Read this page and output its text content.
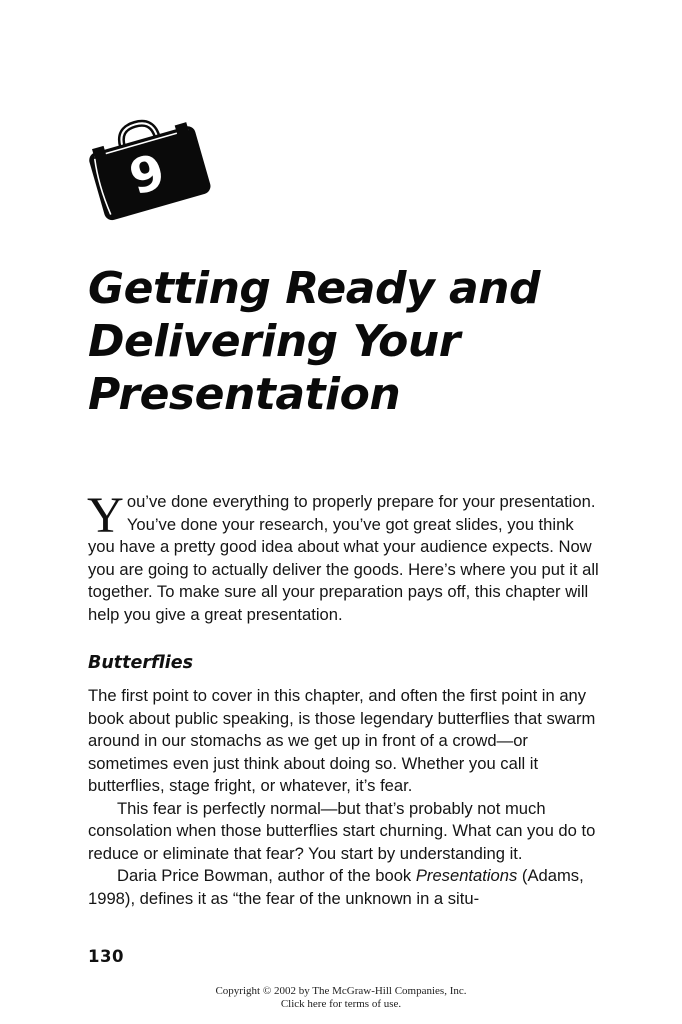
9
Getting Ready and
Delivering Your
Presentation
You’ve done everything to properly prepare for your presentation. You’ve done your research, you’ve got great slides, you think you have a pretty good idea about what your audience expects. Now you are going to actually deliver the goods. Here’s where you put it all together. To make sure all your preparation pays off, this chapter will help you give a great presentation.
Butterflies

The first point to cover in this chapter, and often the first point in any book about public speaking, is those legendary butterflies that swarm around in our stomachs as we get up in front of a crowd—or sometimes even just think about doing so. Whether you call it butterflies, stage fright, or whatever, it’s fear.

This fear is perfectly normal—but that’s probably not much consolation when those butterflies start churning. What can you do to reduce or eliminate that fear? You start by understanding it.

Daria Price Bowman, author of the book Presentations (Adams, 1998), defines it as “the fear of the unknown in a situ-

130
Copyright © 2002 by The McGraw-Hill Companies, Inc.
Click here for terms of use.
